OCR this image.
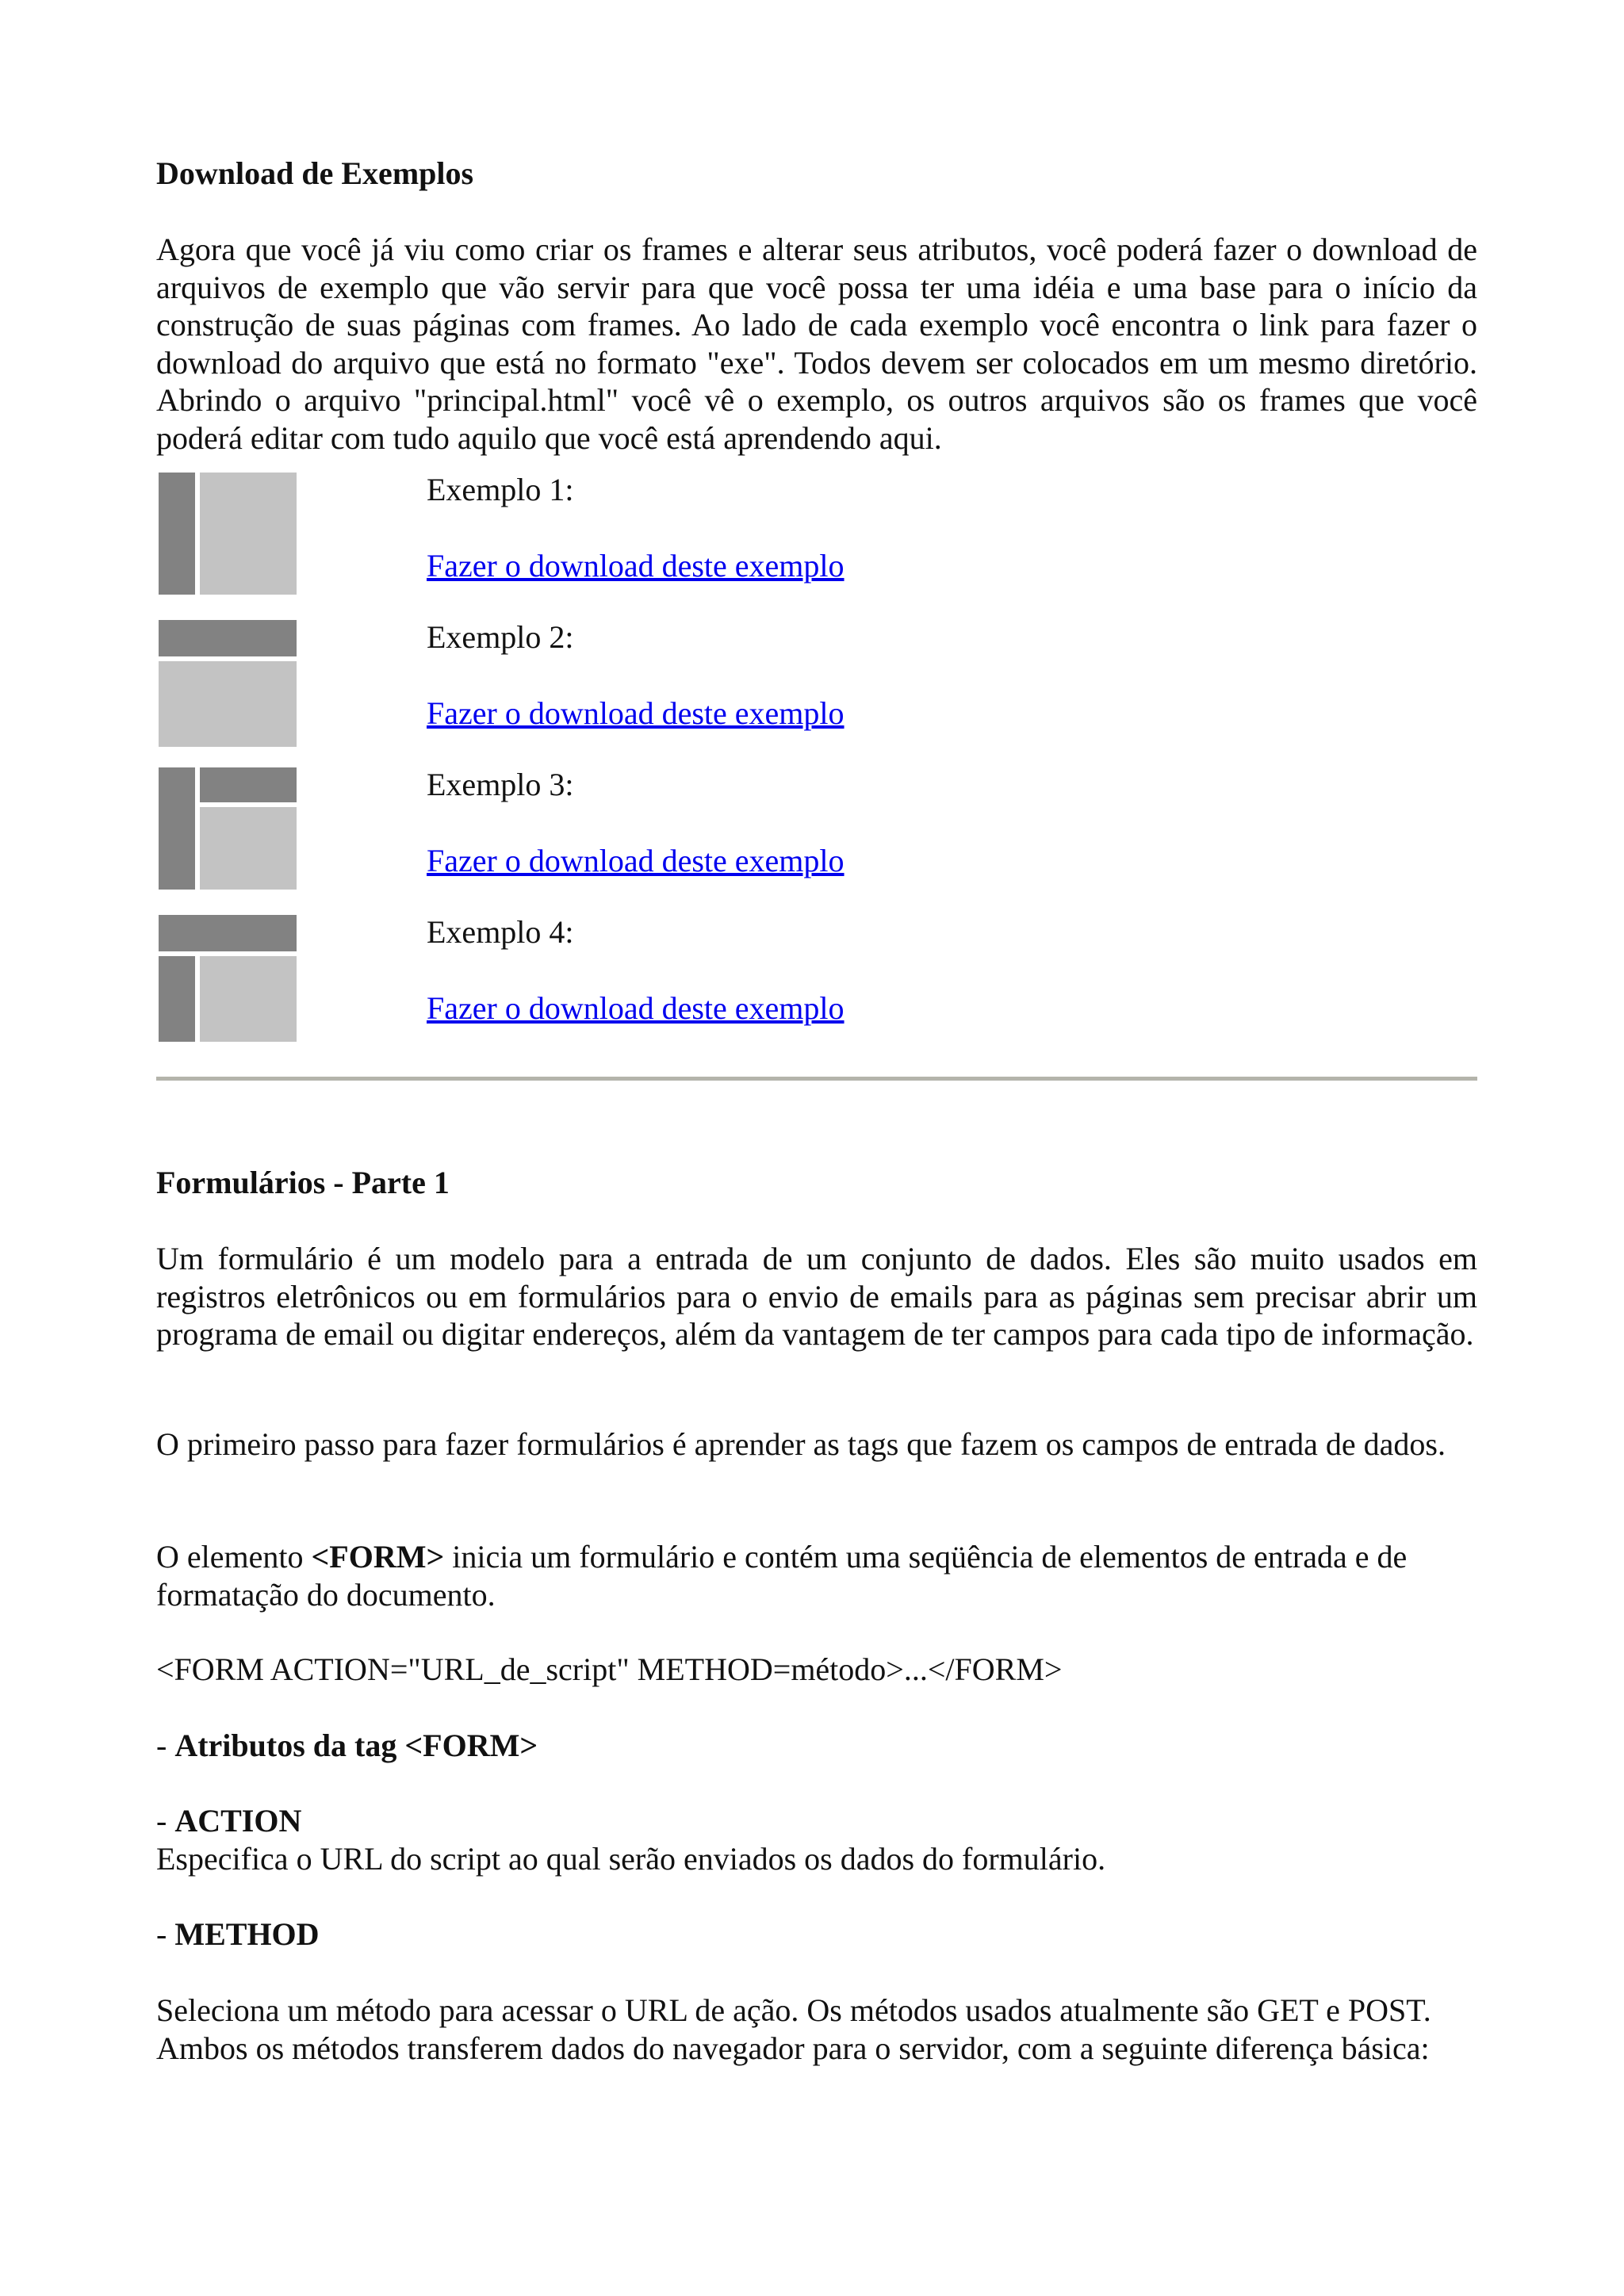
Download de Exemplos

Agora que você já viu como criar os frames e alterar seus atributos, você poderá fazer o download de arquivos de exemplo que vão servir para que você possa ter uma idéia e uma base para o início da construção de suas páginas com frames. Ao lado de cada exemplo você encontra o link para fazer o download do arquivo que está no formato "exe". Todos devem ser colocados em um mesmo diretório. Abrindo o arquivo "principal.html" você vê o exemplo, os outros arquivos são os frames que você poderá editar com tudo aquilo que você está aprendendo aqui.

Exemplo 1:
Fazer o download deste exemplo
Exemplo 2:
Fazer o download deste exemplo
Exemplo 3:
Fazer o download deste exemplo
Exemplo 4:
Fazer o download deste exemplo

Formulários - Parte 1

Um formulário é um modelo para a entrada de um conjunto de dados. Eles são muito usados em registros eletrônicos ou em formulários para o envio de emails para as páginas sem precisar abrir um programa de email ou digitar endereços, além da vantagem de ter campos para cada tipo de informação.

O primeiro passo para fazer formulários é aprender as tags que fazem os campos de entrada de dados.

O elemento <FORM> inicia um formulário e contém uma seqüência de elementos de entrada e de formatação do documento.

<FORM ACTION="URL_de_script" METHOD=método>...</FORM>

- Atributos da tag <FORM>

- ACTION

Especifica o URL do script ao qual serão enviados os dados do formulário.

- METHOD

Seleciona um método para acessar o URL de ação. Os métodos usados atualmente são GET e POST. Ambos os métodos transferem dados do navegador para o servidor, com a seguinte diferença básica:
